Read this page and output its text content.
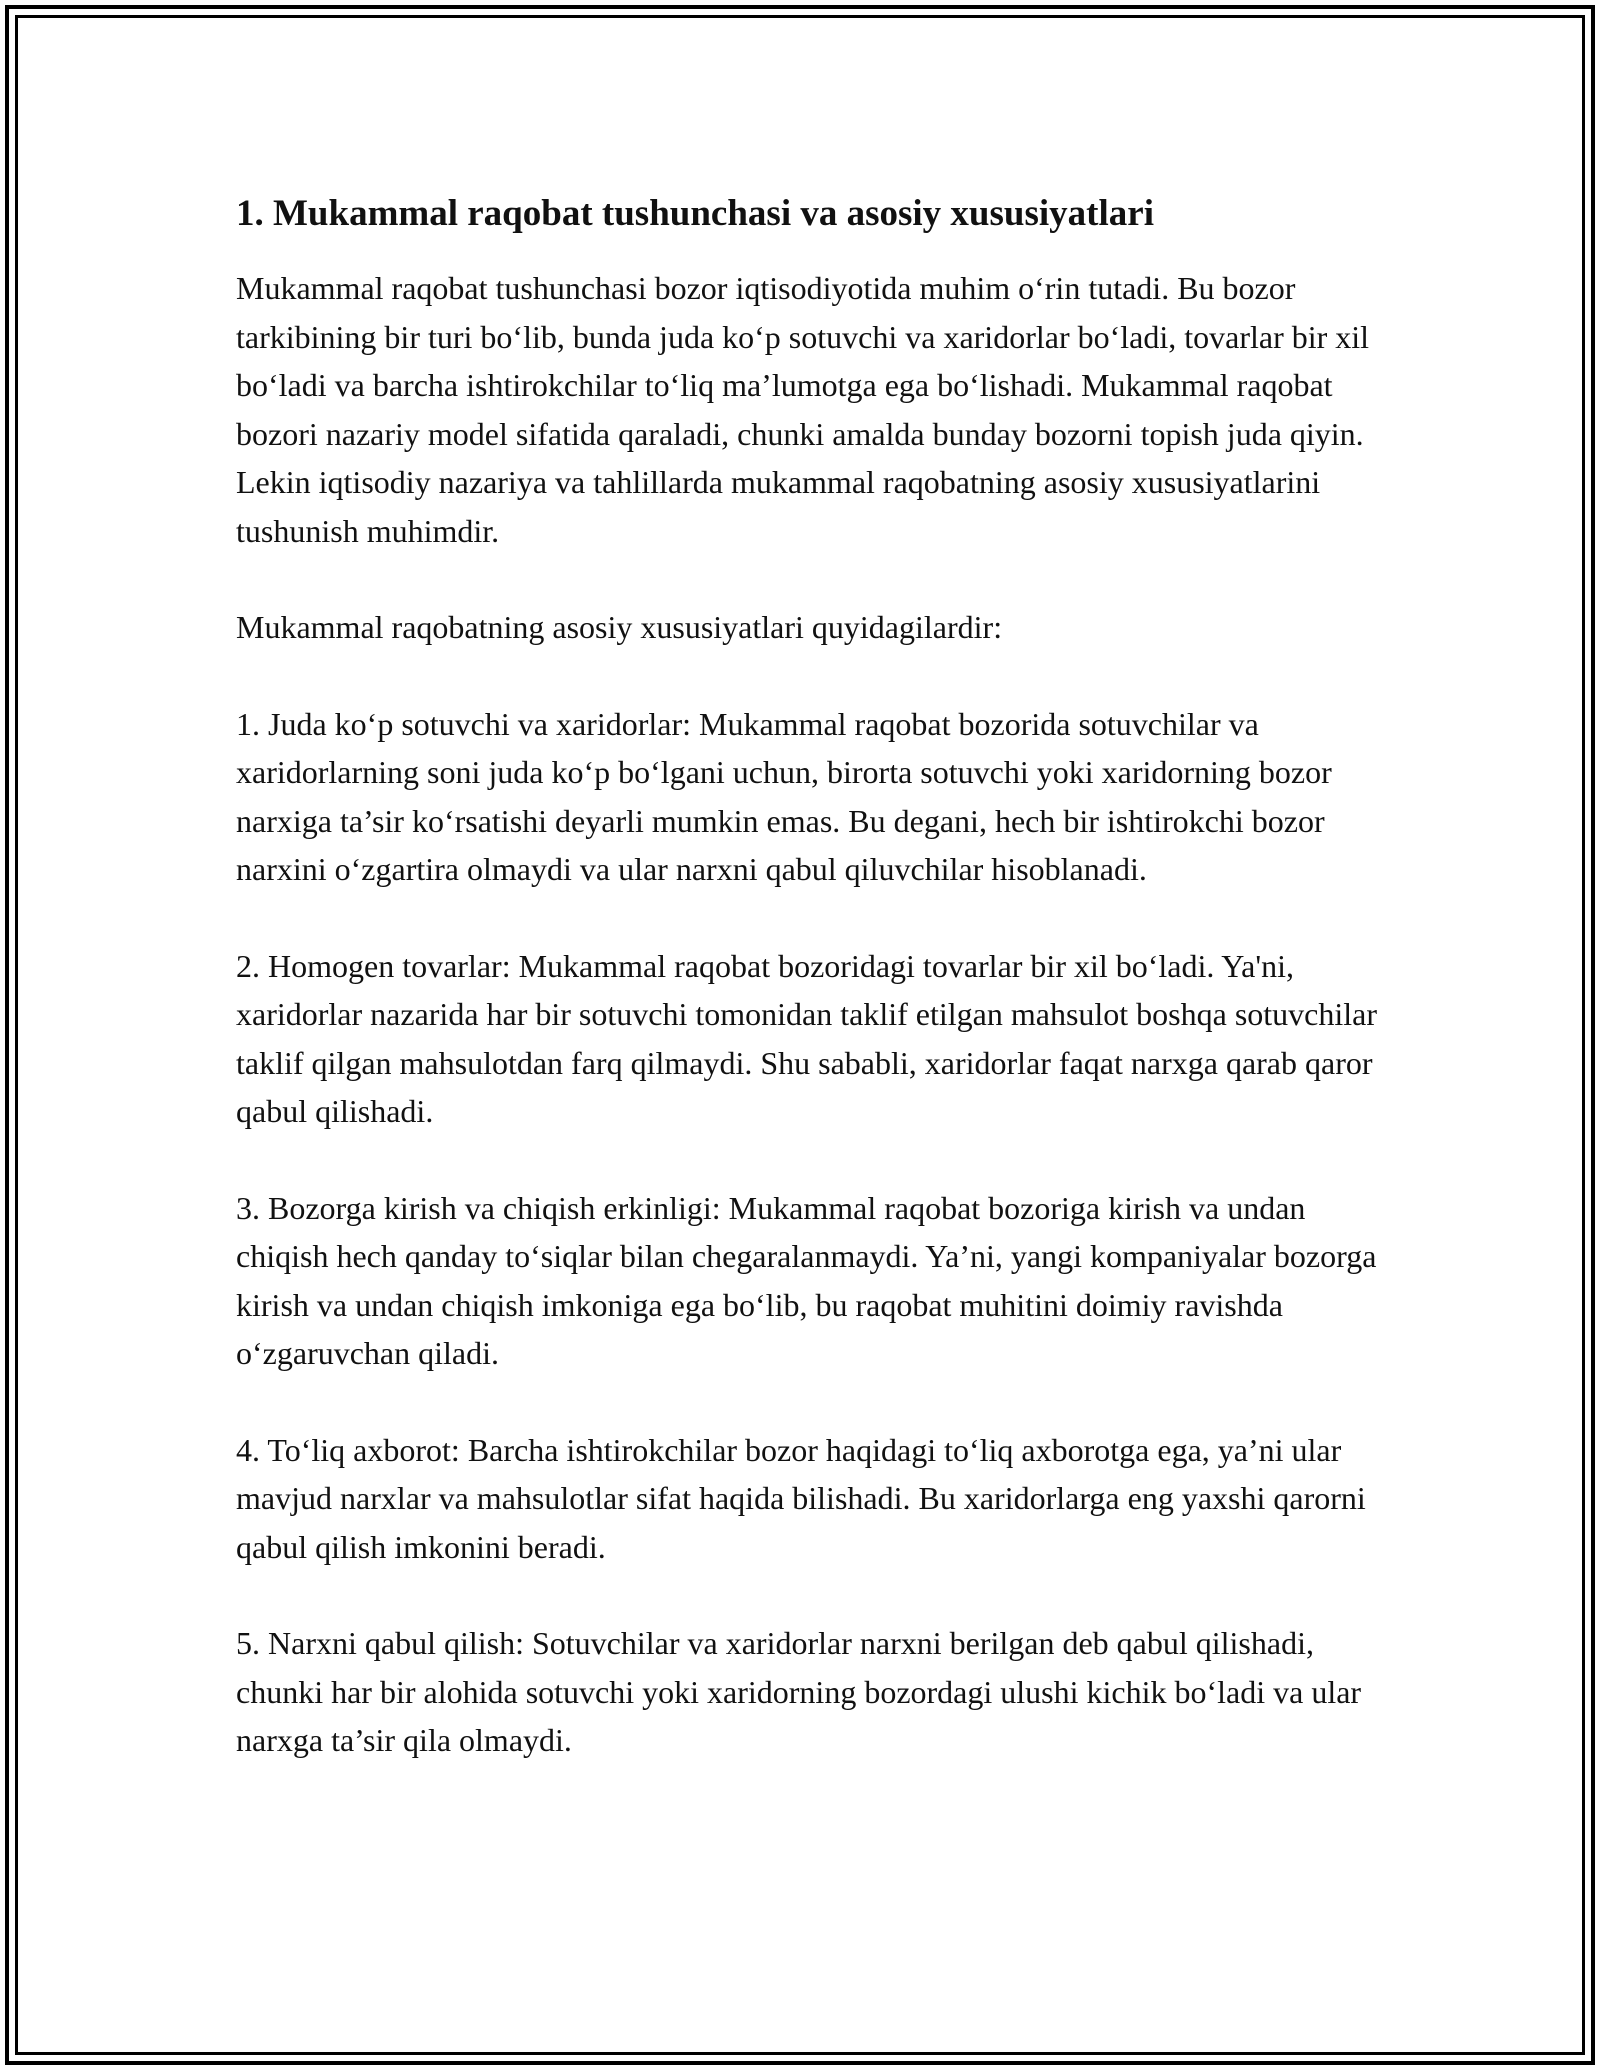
1. Mukammal raqobat tushunchasi va asosiy xususiyatlari

Mukammal raqobat tushunchasi bozor iqtisodiyotida muhim o‘rin tutadi. Bu bozor tarkibining bir turi bo‘lib, bunda juda ko‘p sotuvchi va xaridorlar bo‘ladi, tovarlar bir xil bo‘ladi va barcha ishtirokchilar to‘liq ma’lumotga ega bo‘lishadi. Mukammal raqobat bozori nazariy model sifatida qaraladi, chunki amalda bunday bozorni topish juda qiyin. Lekin iqtisodiy nazariya va tahlillarda mukammal raqobatning asosiy xususiyatlarini tushunish muhimdir.

Mukammal raqobatning asosiy xususiyatlari quyidagilardir:

1. Juda ko‘p sotuvchi va xaridorlar: Mukammal raqobat bozorida sotuvchilar va xaridorlarning soni juda ko‘p bo‘lgani uchun, birorta sotuvchi yoki xaridorning bozor narxiga ta’sir ko‘rsatishi deyarli mumkin emas. Bu degani, hech bir ishtirokchi bozor narxini o‘zgartira olmaydi va ular narxni qabul qiluvchilar hisoblanadi.

2. Homogen tovarlar: Mukammal raqobat bozoridagi tovarlar bir xil bo‘ladi. Ya'ni, xaridorlar nazarida har bir sotuvchi tomonidan taklif etilgan mahsulot boshqa sotuvchilar taklif qilgan mahsulotdan farq qilmaydi. Shu sababli, xaridorlar faqat narxga qarab qaror qabul qilishadi.

3. Bozorga kirish va chiqish erkinligi: Mukammal raqobat bozoriga kirish va undan chiqish hech qanday to‘siqlar bilan chegaralanmaydi. Ya’ni, yangi kompaniyalar bozorga kirish va undan chiqish imkoniga ega bo‘lib, bu raqobat muhitini doimiy ravishda o‘zgaruvchan qiladi.

4. To‘liq axborot: Barcha ishtirokchilar bozor haqidagi to‘liq axborotga ega, ya’ni ular mavjud narxlar va mahsulotlar sifat haqida bilishadi. Bu xaridorlarga eng yaxshi qarorni qabul qilish imkonini beradi.

5. Narxni qabul qilish: Sotuvchilar va xaridorlar narxni berilgan deb qabul qilishadi, chunki har bir alohida sotuvchi yoki xaridorning bozordagi ulushi kichik bo‘ladi va ular narxga ta’sir qila olmaydi.
